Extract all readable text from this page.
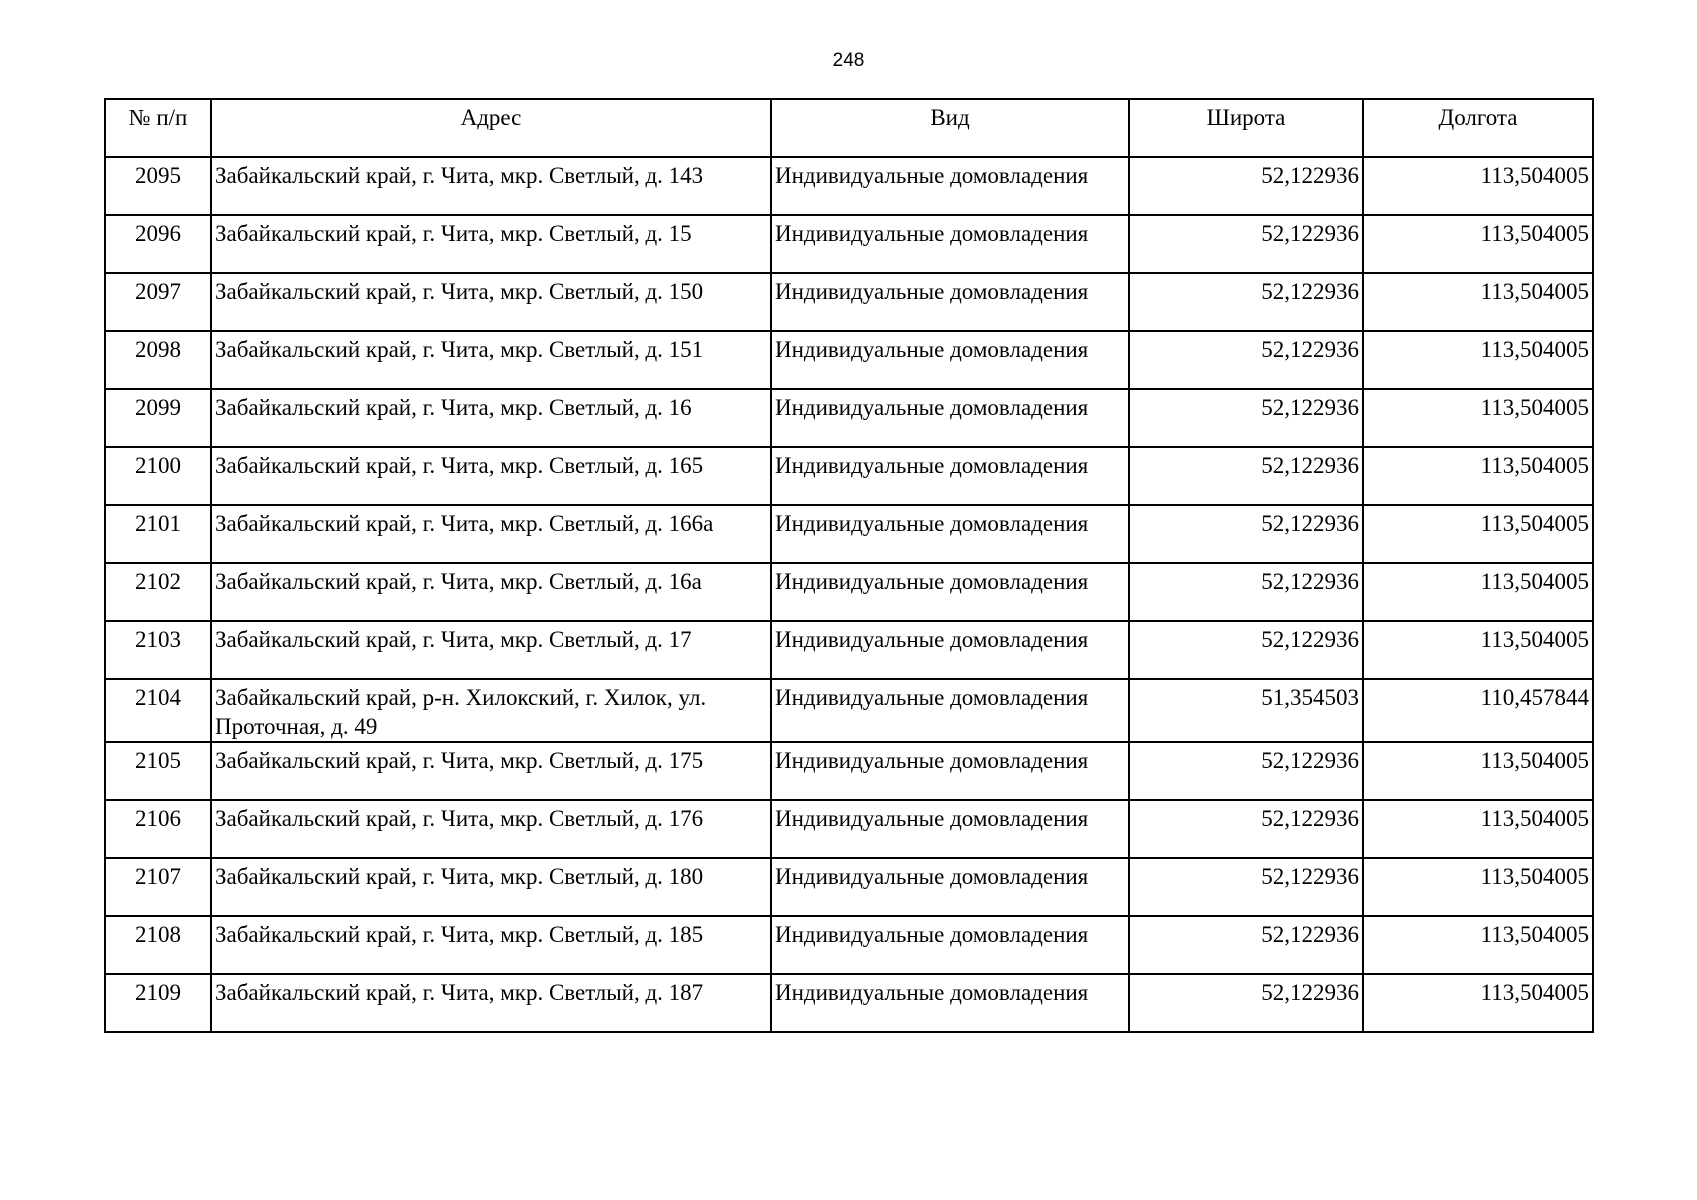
248
№ п/п	Адрес	Вид	Широта	Долгота
2095	Забайкальский край, г. Чита, мкр. Светлый, д. 143	Индивидуальные домовладения	52,122936	113,504005
2096	Забайкальский край, г. Чита, мкр. Светлый, д. 15	Индивидуальные домовладения	52,122936	113,504005
2097	Забайкальский край, г. Чита, мкр. Светлый, д. 150	Индивидуальные домовладения	52,122936	113,504005
2098	Забайкальский край, г. Чита, мкр. Светлый, д. 151	Индивидуальные домовладения	52,122936	113,504005
2099	Забайкальский край, г. Чита, мкр. Светлый, д. 16	Индивидуальные домовладения	52,122936	113,504005
2100	Забайкальский край, г. Чита, мкр. Светлый, д. 165	Индивидуальные домовладения	52,122936	113,504005
2101	Забайкальский край, г. Чита, мкр. Светлый, д. 166а	Индивидуальные домовладения	52,122936	113,504005
2102	Забайкальский край, г. Чита, мкр. Светлый, д. 16а	Индивидуальные домовладения	52,122936	113,504005
2103	Забайкальский край, г. Чита, мкр. Светлый, д. 17	Индивидуальные домовладения	52,122936	113,504005
2104	Забайкальский край, р-н. Хилокский, г. Хилок, ул. Проточная, д. 49	Индивидуальные домовладения	51,354503	110,457844
2105	Забайкальский край, г. Чита, мкр. Светлый, д. 175	Индивидуальные домовладения	52,122936	113,504005
2106	Забайкальский край, г. Чита, мкр. Светлый, д. 176	Индивидуальные домовладения	52,122936	113,504005
2107	Забайкальский край, г. Чита, мкр. Светлый, д. 180	Индивидуальные домовладения	52,122936	113,504005
2108	Забайкальский край, г. Чита, мкр. Светлый, д. 185	Индивидуальные домовладения	52,122936	113,504005
2109	Забайкальский край, г. Чита, мкр. Светлый, д. 187	Индивидуальные домовладения	52,122936	113,504005
